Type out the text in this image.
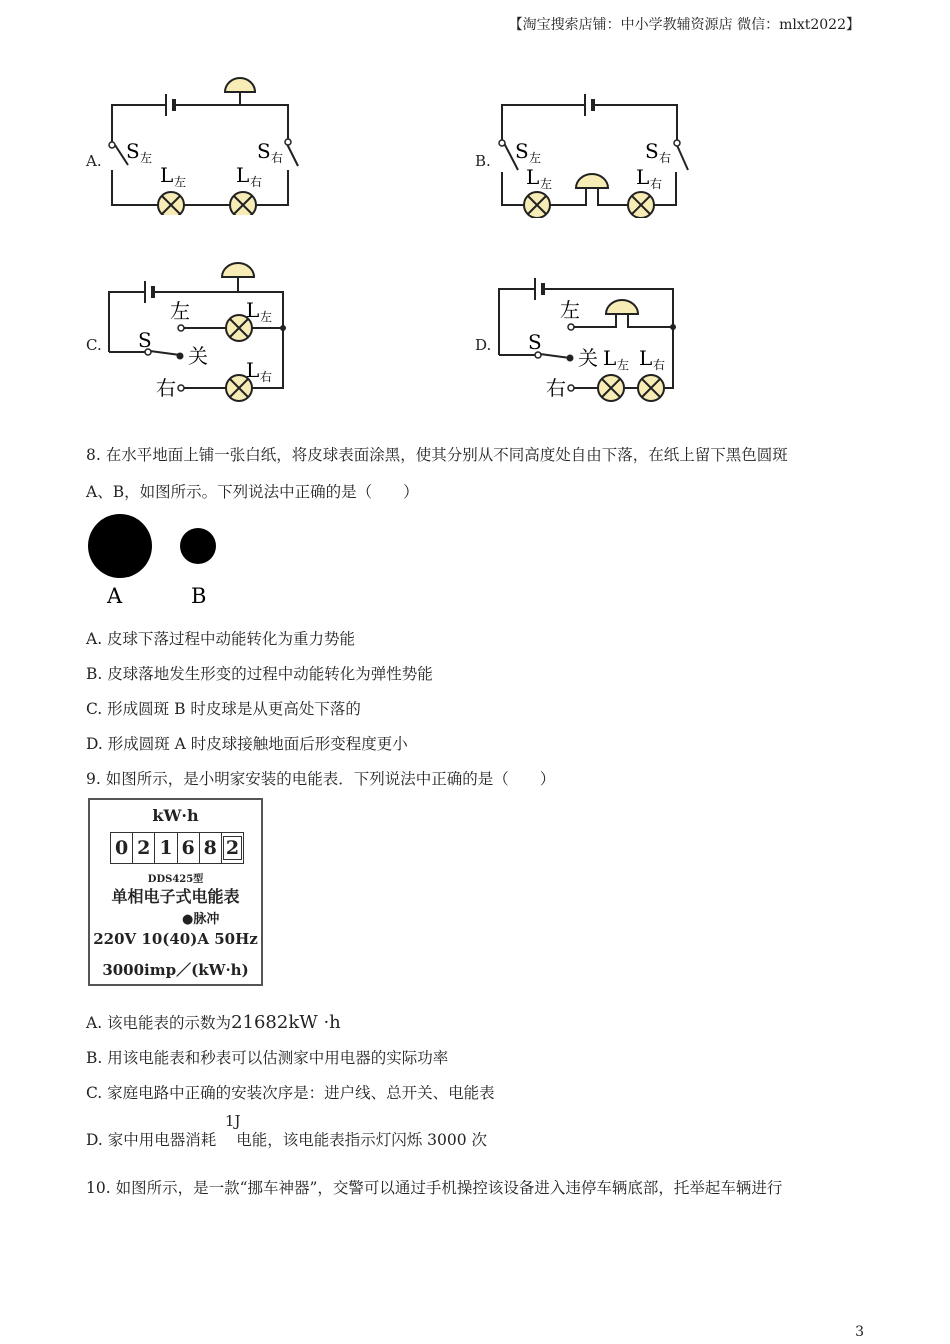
【淘宝搜索店铺：中小学教辅资源店 微信：mlxt2022】
A.	B.
C.	D.
S 左	S 右
L 左 L 右
S 左	S 右
L 左	L 右
左	L 左
S
关
L 右
右
左
S
关 L 左 L 右
右
8. 在水平地面上铺一张白纸，将皮球表面涂黑，使其分别从不同高度处自由下落，在纸上留下黑色圆斑
A、B，如图所示。下列说法中正确的是（　　）
A	B
A. 皮球下落过程中动能转化为重力势能
B. 皮球落地发生形变的过程中动能转化为弹性势能
C. 形成圆斑 B 时皮球是从更高处下落的
D. 形成圆斑 A 时皮球接触地面后形变程度更小
9. 如图所示，是小明家安装的电能表．下列说法中正确的是（　　）
kW·h
0 2 1 6 8 2
DDS425型
单相电子式电能表
●脉冲
220V 10(40)A 50Hz
3000imp／(kW·h)
A. 该电能表的示数为21682kW ·h
B. 用该电能表和秒表可以估测家中用电器的实际功率
C. 家庭电路中正确的安装次序是：进户线、总开关、电能表
1J
D. 家中用电器消耗 电能，该电能表指示灯闪烁 3000 次
10. 如图所示，是一款“挪车神器”，交警可以通过手机操控该设备进入违停车辆底部，托举起车辆进行
3
